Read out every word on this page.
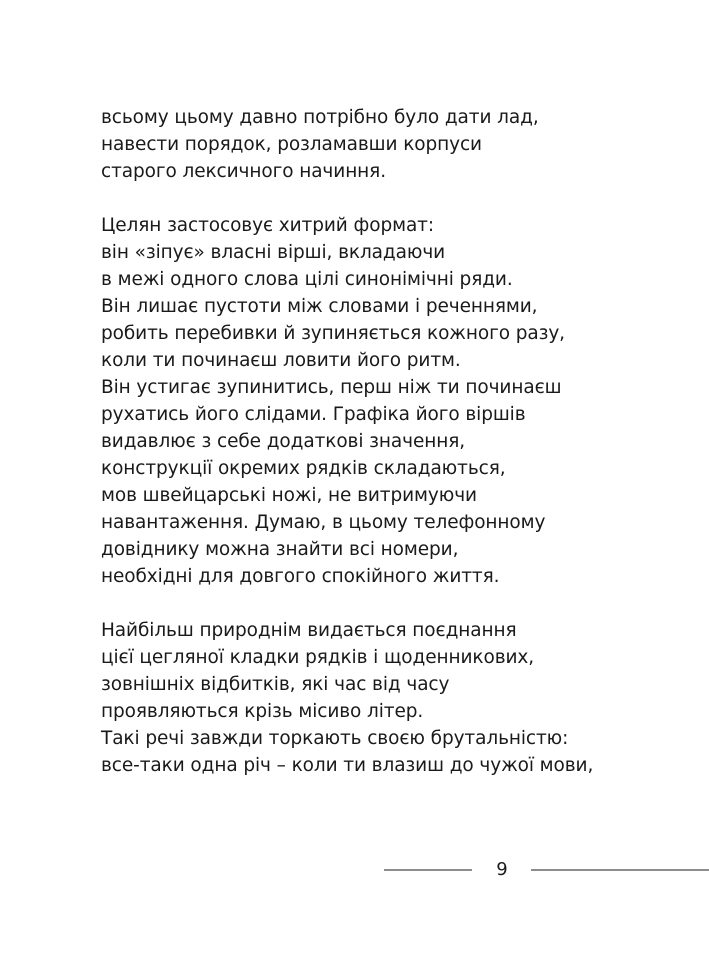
всьому цьому давно потрібно було дати лад,
навести порядок, розламавши корпуси
старого лексичного начиння.

Целян застосовує хитрий формат:
він «зіпує» власні вірші, вкладаючи
в межі одного слова цілі синонімічні ряди.
Він лишає пустоти між словами і реченнями,
робить перебивки й зупиняється кожного разу,
коли ти починаєш ловити його ритм.
Він устигає зупинитись, перш ніж ти починаєш
рухатись його слідами. Графіка його віршів
видавлює з себе додаткові значення,
конструкції окремих рядків складаються,
мов швейцарські ножі, не витримуючи
навантаження. Думаю, в цьому телефонному
довіднику можна знайти всі номери,
необхідні для довгого спокійного життя.

Найбільш природнім видається поєднання
цієї цегляної кладки рядків і щоденникових,
зовнішніх відбитків, які час від часу
проявляються крізь місиво літер.
Такі речі завжди торкають своєю брутальністю:
все-таки одна річ – коли ти влазиш до чужої мови,

9
